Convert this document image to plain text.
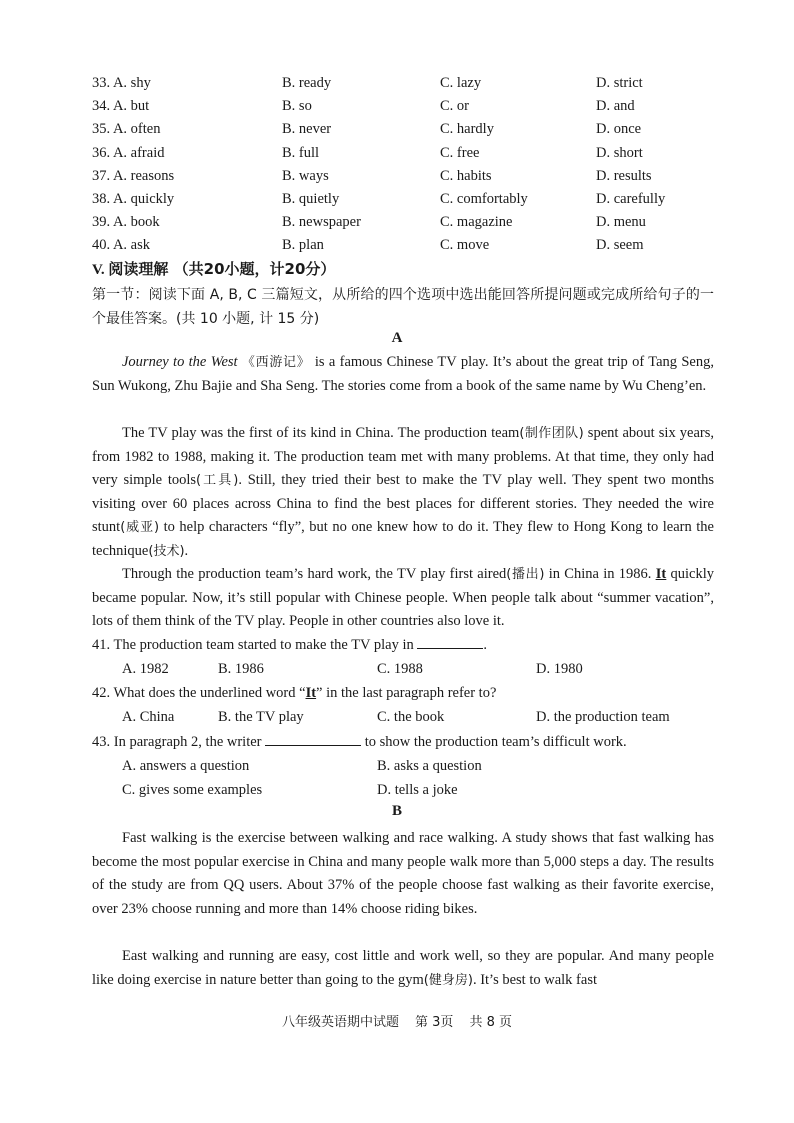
33. A. shy	B. ready	C. lazy	D. strict
34. A. but	B. so	C. or	D. and
35. A. often	B. never	C. hardly	D. once
36. A. afraid	B. full	C. free	D. short
37. A. reasons	B. ways	C. habits	D. results
38. A. quickly	B. quietly	C. comfortably	D. carefully
39. A. book	B. newspaper	C. magazine	D. menu
40. A. ask	B. plan	C. move	D. seem
V. 阅读理解 （共20小题，计20分）
第一节：阅读下面 A, B, C 三篇短文，从所给的四个选项中选出能回答所提问题或完成所给句子的一个最佳答案。(共 10 小题, 计 15 分)
A
Journey to the West 《西游记》 is a famous Chinese TV play. It’s about the great trip of Tang Seng, Sun Wukong, Zhu Bajie and Sha Seng. The stories come from a book of the same name by Wu Cheng’en.
The TV play was the first of its kind in China. The production team(制作团队) spent about six years, from 1982 to 1988, making it. The production team met with many problems. At that time, they only had very simple tools(工具). Still, they tried their best to make the TV play well. They spent two months visiting over 60 places across China to find the best places for different stories. They needed the wire stunt(威亚) to help characters “fly”, but no one knew how to do it. They flew to Hong Kong to learn the technique(技术).
Through the production team’s hard work, the TV play first aired(播出) in China in 1986. It quickly became popular. Now, it’s still popular with Chinese people. When people talk about “summer vacation”, lots of them think of the TV play. People in other countries also love it.
41. The production team started to make the TV play in	.
A. 1982	B. 1986	C. 1988	D. 1980
42. What does the underlined word “It” in the last paragraph refer to?
A. China	B. the TV play	C. the book	D. the production team
43. In paragraph 2, the writer	to show the production team’s difficult work.
A. answers a question	B. asks a question
C. gives some examples	D. tells a joke
B
Fast walking is the exercise between walking and race walking. A study shows that fast walking has become the most popular exercise in China and many people walk more than 5,000 steps a day. The results of the study are from QQ users. About 37% of the people choose fast walking as their favorite exercise, over 23% choose running and more than 14% choose riding bikes.
East walking and running are easy, cost little and work well, so they are popular. And many people like doing exercise in nature better than going to the gym(健身房). It’s best to walk fast
八年级英语期中试题 第 3页 共 8 页
